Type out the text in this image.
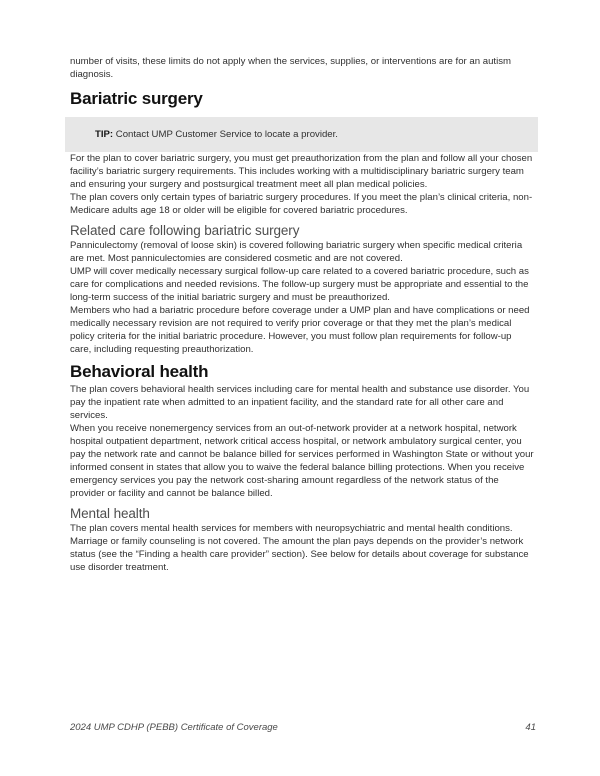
number of visits, these limits do not apply when the services, supplies, or interventions are for an autism diagnosis.

Bariatric surgery

TIP: Contact UMP Customer Service to locate a provider.

For the plan to cover bariatric surgery, you must get preauthorization from the plan and follow all your chosen facility’s bariatric surgery requirements. This includes working with a multidisciplinary bariatric surgery team and ensuring your surgery and postsurgical treatment meet all plan medical policies.

The plan covers only certain types of bariatric surgery procedures. If you meet the plan’s clinical criteria, non-Medicare adults age 18 or older will be eligible for covered bariatric procedures.

Related care following bariatric surgery

Panniculectomy (removal of loose skin) is covered following bariatric surgery when specific medical criteria are met. Most panniculectomies are considered cosmetic and are not covered.

UMP will cover medically necessary surgical follow-up care related to a covered bariatric procedure, such as care for complications and needed revisions. The follow-up surgery must be appropriate and essential to the long-term success of the initial bariatric surgery and must be preauthorized.

Members who had a bariatric procedure before coverage under a UMP plan and have complications or need medically necessary revision are not required to verify prior coverage or that they met the plan’s medical policy criteria for the initial bariatric procedure. However, you must follow plan requirements for follow-up care, including requesting preauthorization.

Behavioral health

The plan covers behavioral health services including care for mental health and substance use disorder. You pay the inpatient rate when admitted to an inpatient facility, and the standard rate for all other care and services.

When you receive nonemergency services from an out-of-network provider at a network hospital, network hospital outpatient department, network critical access hospital, or network ambulatory surgical center, you pay the network rate and cannot be balance billed for services performed in Washington State or without your informed consent in states that allow you to waive the federal balance billing protections. When you receive emergency services you pay the network cost-sharing amount regardless of the network status of the provider or facility and cannot be balance billed.

Mental health

The plan covers mental health services for members with neuropsychiatric and mental health conditions. Marriage or family counseling is not covered. The amount the plan pays depends on the provider’s network status (see the “Finding a health care provider” section). See below for details about coverage for substance use disorder treatment.

2024 UMP CDHP (PEBB) Certificate of Coverage	41
